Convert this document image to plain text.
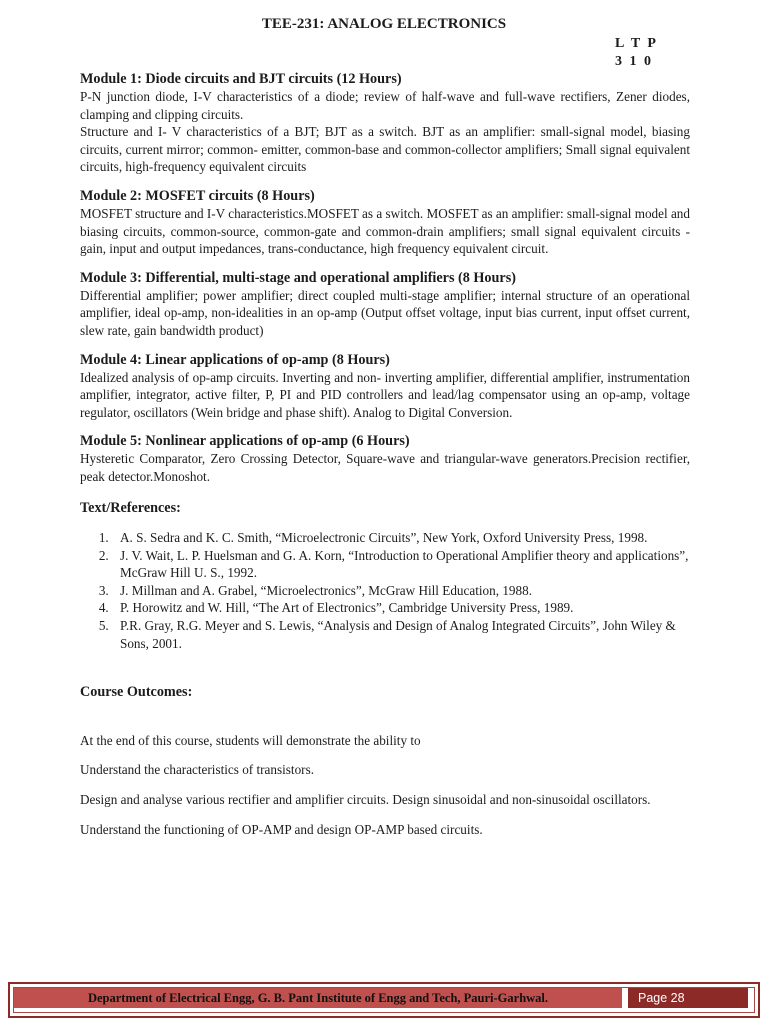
TEE-231: ANALOG ELECTRONICS
L T P
3 1 0
Module 1: Diode circuits and BJT circuits (12 Hours)

P-N junction diode, I-V characteristics of a diode; review of half-wave and full-wave rectifiers, Zener diodes, clamping and clipping circuits.

Structure and I- V characteristics of a BJT; BJT as a switch. BJT as an amplifier: small-signal model, biasing circuits, current mirror; common- emitter, common-base and common-collector amplifiers; Small signal equivalent circuits, high-frequency equivalent circuits

Module 2: MOSFET circuits (8 Hours)

MOSFET structure and I-V characteristics.MOSFET as a switch. MOSFET as an amplifier: small-signal model and biasing circuits, common-source, common-gate and common-drain amplifiers; small signal equivalent circuits - gain, input and output impedances, trans-conductance, high frequency equivalent circuit.

Module 3: Differential, multi-stage and operational amplifiers (8 Hours)

Differential amplifier; power amplifier; direct coupled multi-stage amplifier; internal structure of an operational amplifier, ideal op-amp, non-idealities in an op-amp (Output offset voltage, input bias current, input offset current, slew rate, gain bandwidth product)

Module 4: Linear applications of op-amp (8 Hours)

Idealized analysis of op-amp circuits. Inverting and non- inverting amplifier, differential amplifier, instrumentation amplifier, integrator, active filter, P, PI and PID controllers and lead/lag compensator using an op-amp, voltage regulator, oscillators (Wein bridge and phase shift). Analog to Digital Conversion.

Module 5: Nonlinear applications of op-amp (6 Hours)

Hysteretic Comparator, Zero Crossing Detector, Square-wave and triangular-wave generators.Precision rectifier, peak detector.Monoshot.

Text/References:
1. A. S. Sedra and K. C. Smith, “Microelectronic Circuits”, New York, Oxford University Press, 1998.
2. J. V. Wait, L. P. Huelsman and G. A. Korn, “Introduction to Operational Amplifier theory and applications”, McGraw Hill U. S., 1992.
3. J. Millman and A. Grabel, “Microelectronics”, McGraw Hill Education, 1988.
4. P. Horowitz and W. Hill, “The Art of Electronics”, Cambridge University Press, 1989.
5. P.R. Gray, R.G. Meyer and S. Lewis, “Analysis and Design of Analog Integrated Circuits”, John Wiley & Sons, 2001.
Course Outcomes:

At the end of this course, students will demonstrate the ability to

Understand the characteristics of transistors.

Design and analyse various rectifier and amplifier circuits. Design sinusoidal and non-sinusoidal oscillators.

Understand the functioning of OP-AMP and design OP-AMP based circuits.

Department of Electrical Engg, G. B. Pant Institute of Engg and Tech, Pauri-Garhwal.	Page 28
